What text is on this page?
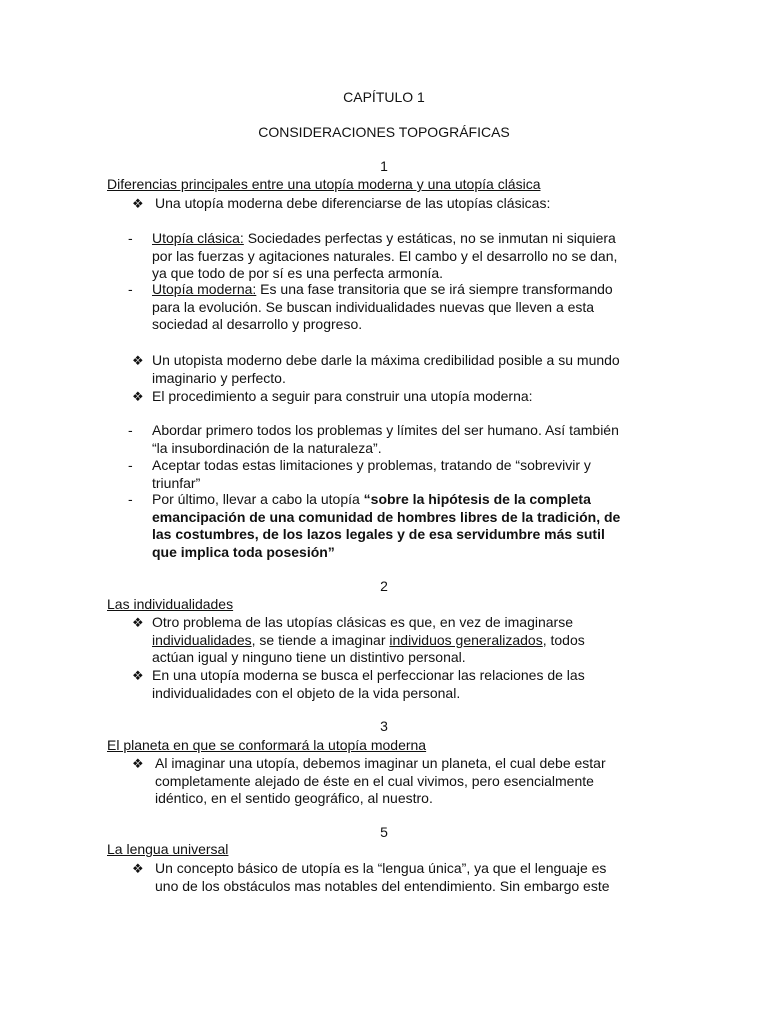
CAPÍTULO 1
CONSIDERACIONES TOPOGRÁFICAS
1
Diferencias principales entre una utopía moderna y una utopía clásica
❖ Una utopía moderna debe diferenciarse de las utopías clásicas:
- Utopía clásica: Sociedades perfectas y estáticas, no se inmutan ni siquiera
por las fuerzas y agitaciones naturales. El cambo y el desarrollo no se dan,
ya que todo de por sí es una perfecta armonía.
- Utopía moderna: Es una fase transitoria que se irá siempre transformando
para la evolución. Se buscan individualidades nuevas que lleven a esta
sociedad al desarrollo y progreso.
❖ Un utopista moderno debe darle la máxima credibilidad posible a su mundo
imaginario y perfecto.
❖ El procedimiento a seguir para construir una utopía moderna:
- Abordar primero todos los problemas y límites del ser humano. Así también
“la insubordinación de la naturaleza”.
- Aceptar todas estas limitaciones y problemas, tratando de “sobrevivir y
triunfar”
- Por último, llevar a cabo la utopía “sobre la hipótesis de la completa
emancipación de una comunidad de hombres libres de la tradición, de
las costumbres, de los lazos legales y de esa servidumbre más sutil
que implica toda posesión”
2
Las individualidades
❖ Otro problema de las utopías clásicas es que, en vez de imaginarse
individualidades, se tiende a imaginar individuos generalizados, todos
actúan igual y ninguno tiene un distintivo personal.
❖ En una utopía moderna se busca el perfeccionar las relaciones de las
individualidades con el objeto de la vida personal.
3
El planeta en que se conformará la utopía moderna
❖ Al imaginar una utopía, debemos imaginar un planeta, el cual debe estar
completamente alejado de éste en el cual vivimos, pero esencialmente
idéntico, en el sentido geográfico, al nuestro.
5
La lengua universal
❖ Un concepto básico de utopía es la “lengua única”, ya que el lenguaje es
uno de los obstáculos mas notables del entendimiento. Sin embargo este
